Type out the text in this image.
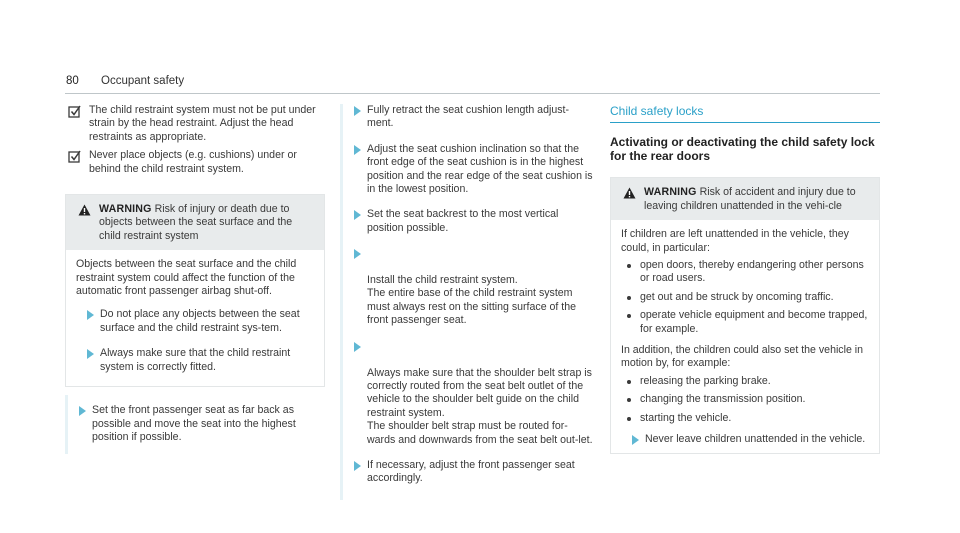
80 Occupant safety
The child restraint system must not be put under strain by the head restraint. Adjust the head restraints as appropriate.
Never place objects (e.g. cushions) under or behind the child restraint system.
WARNING Risk of injury or death due to objects between the seat surface and the child restraint system

Objects between the seat surface and the child restraint system could affect the function of the automatic front passenger airbag shut-off.

Do not place any objects between the seat surface and the child restraint sys-tem.
Always make sure that the child restraint system is correctly fitted.
Set the front passenger seat as far back as possible and move the seat into the highest position if possible.
Fully retract the seat cushion length adjust-ment.
Adjust the seat cushion inclination so that the front edge of the seat cushion is in the highest position and the rear edge of the seat cushion is in the lowest position.
Set the seat backrest to the most vertical position possible.

Install the child restraint system.
The entire base of the child restraint system must always rest on the sitting surface of the front passenger seat.

Always make sure that the shoulder belt strap is correctly routed from the seat belt outlet of the vehicle to the shoulder belt guide on the child restraint system.
The shoulder belt strap must be routed for-wards and downwards from the seat belt out-let.

If necessary, adjust the front passenger seat accordingly.
Child safety locks
Activating or deactivating the child safety lock for the rear doors
WARNING Risk of accident and injury due to leaving children unattended in the vehi-cle
If children are left unattended in the vehicle, they could, in particular:
open doors, thereby endangering other persons or road users.
get out and be struck by oncoming traffic.
operate vehicle equipment and become trapped, for example.
In addition, the children could also set the vehicle in motion by, for example:
releasing the parking brake.
changing the transmission position.
starting the vehicle.
Never leave children unattended in the vehicle.
